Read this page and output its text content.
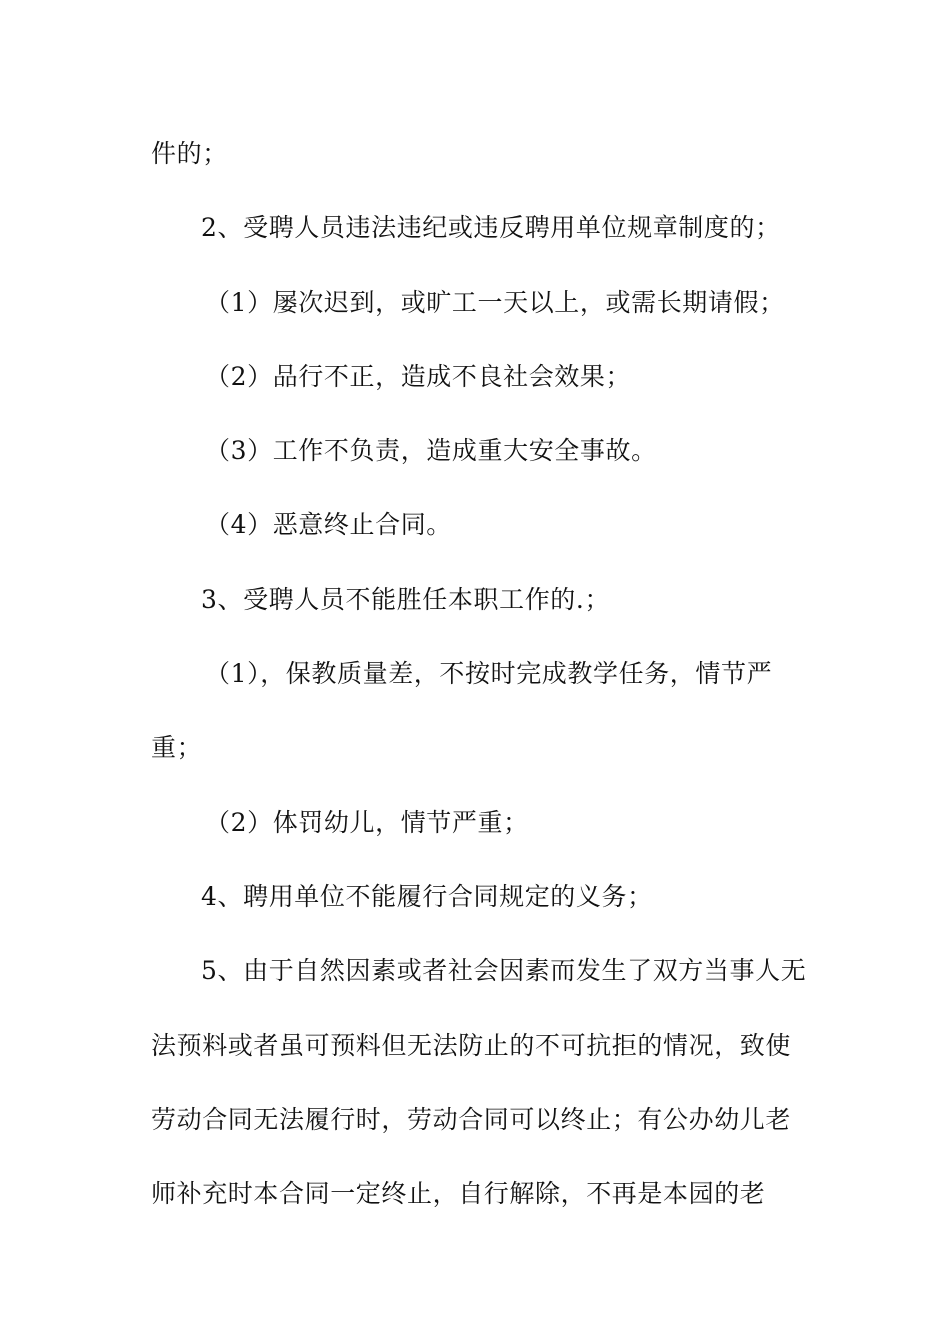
件的；
2、受聘人员违法违纪或违反聘用单位规章制度的；
（1）屡次迟到，或旷工一天以上，或需长期请假；
（2）品行不正，造成不良社会效果；
（3）工作不负责，造成重大安全事故。
（4）恶意终止合同。
3、受聘人员不能胜任本职工作的.；
（1），保教质量差，不按时完成教学任务，情节严
重；
（2）体罚幼儿，情节严重；
4、聘用单位不能履行合同规定的义务；
5、由于自然因素或者社会因素而发生了双方当事人无
法预料或者虽可预料但无法防止的不可抗拒的情况，致使
劳动合同无法履行时，劳动合同可以终止；有公办幼儿老
师补充时本合同一定终止，自行解除，不再是本园的老
